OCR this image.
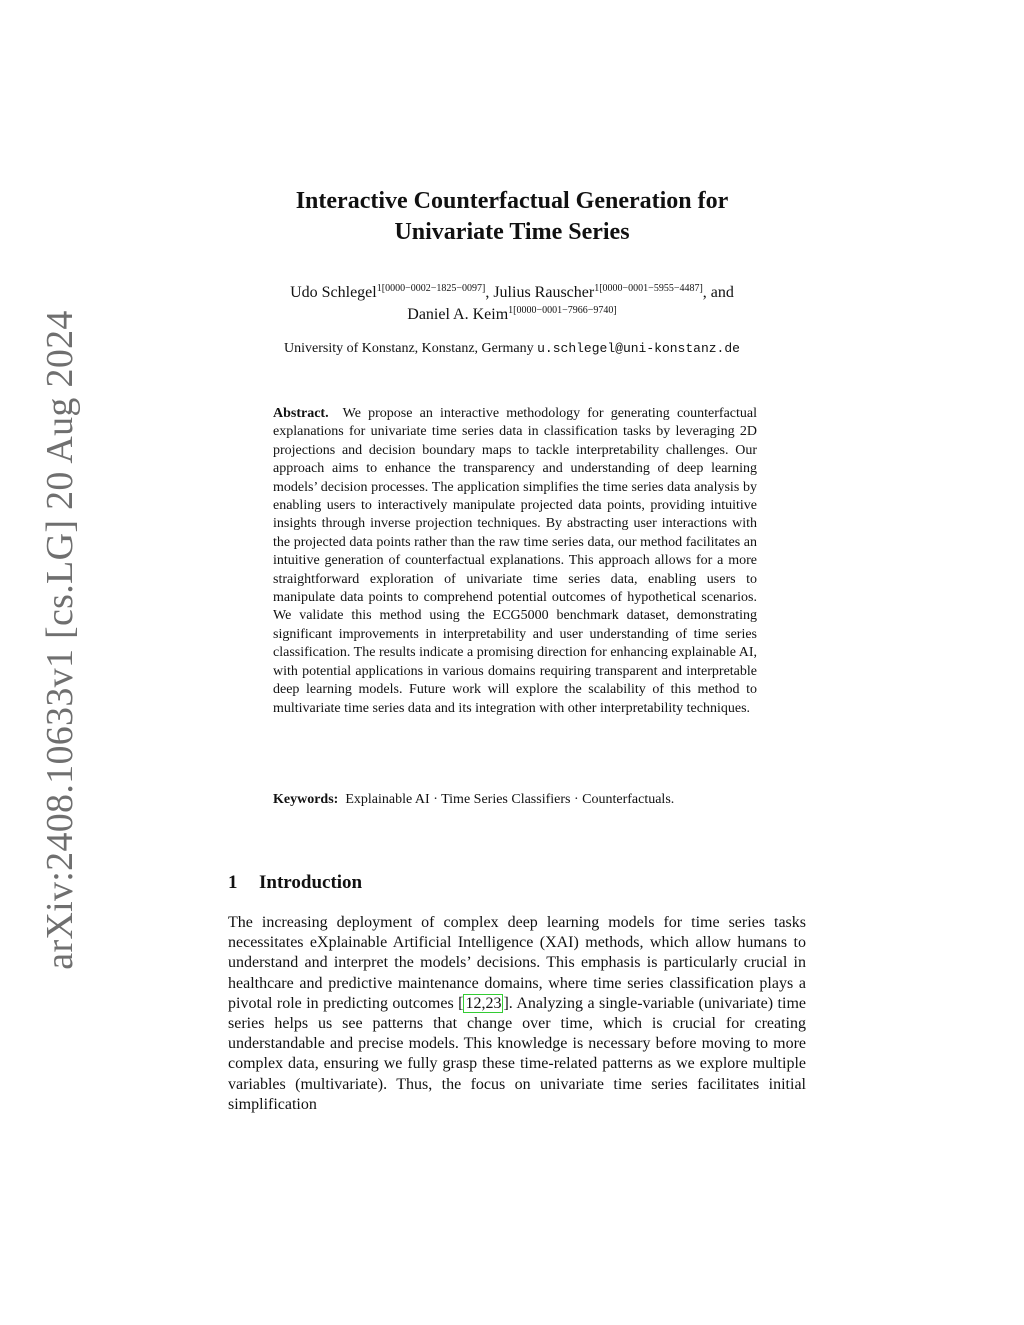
arXiv:2408.10633v1 [cs.LG] 20 Aug 2024
Interactive Counterfactual Generation for
Univariate Time Series
Udo Schlegel$^{1[0000-0002-1825-0097]}$, Julius Rauscher$^{1[0000-0001-5955-4487]}$, and
Daniel A. Keim$^{1[0000-0001-7966-9740]}$
University of Konstanz, Konstanz, Germany u.schlegel@uni-konstanz.de

Abstract. We propose an interactive methodology for generating counterfactual explanations for univariate time series data in classification tasks by leveraging 2D projections and decision boundary maps to tackle interpretability challenges. Our approach aims to enhance the transparency and understanding of deep learning models’ decision processes. The application simplifies the time series data analysis by enabling users to interactively manipulate projected data points, providing intuitive insights through inverse projection techniques. By abstracting user interactions with the projected data points rather than the raw time series data, our method facilitates an intuitive generation of counterfactual explanations. This approach allows for a more straightforward exploration of univariate time series data, enabling users to manipulate data points to comprehend potential outcomes of hypothetical scenarios. We validate this method using the ECG5000 benchmark dataset, demonstrating significant improvements in interpretability and user understanding of time series classification. The results indicate a promising direction for enhancing explainable AI, with potential applications in various domains requiring transparent and interpretable deep learning models. Future work will explore the scalability of this method to multivariate time series data and its integration with other interpretability techniques.

Keywords: Explainable AI · Time Series Classifiers · Counterfactuals.

1 Introduction

The increasing deployment of complex deep learning models for time series tasks necessitates eXplainable Artificial Intelligence (XAI) methods, which allow humans to understand and interpret the models’ decisions. This emphasis is particularly crucial in healthcare and predictive maintenance domains, where time series classification plays a pivotal role in predicting outcomes [ 12,23 ]. Analyzing a single-variable (univariate) time series helps us see patterns that change over time, which is crucial for creating understandable and precise models. This knowledge is necessary before moving to more complex data, ensuring we fully grasp these time-related patterns as we explore multiple variables (multivariate). Thus, the focus on univariate time series facilitates initial simplification
